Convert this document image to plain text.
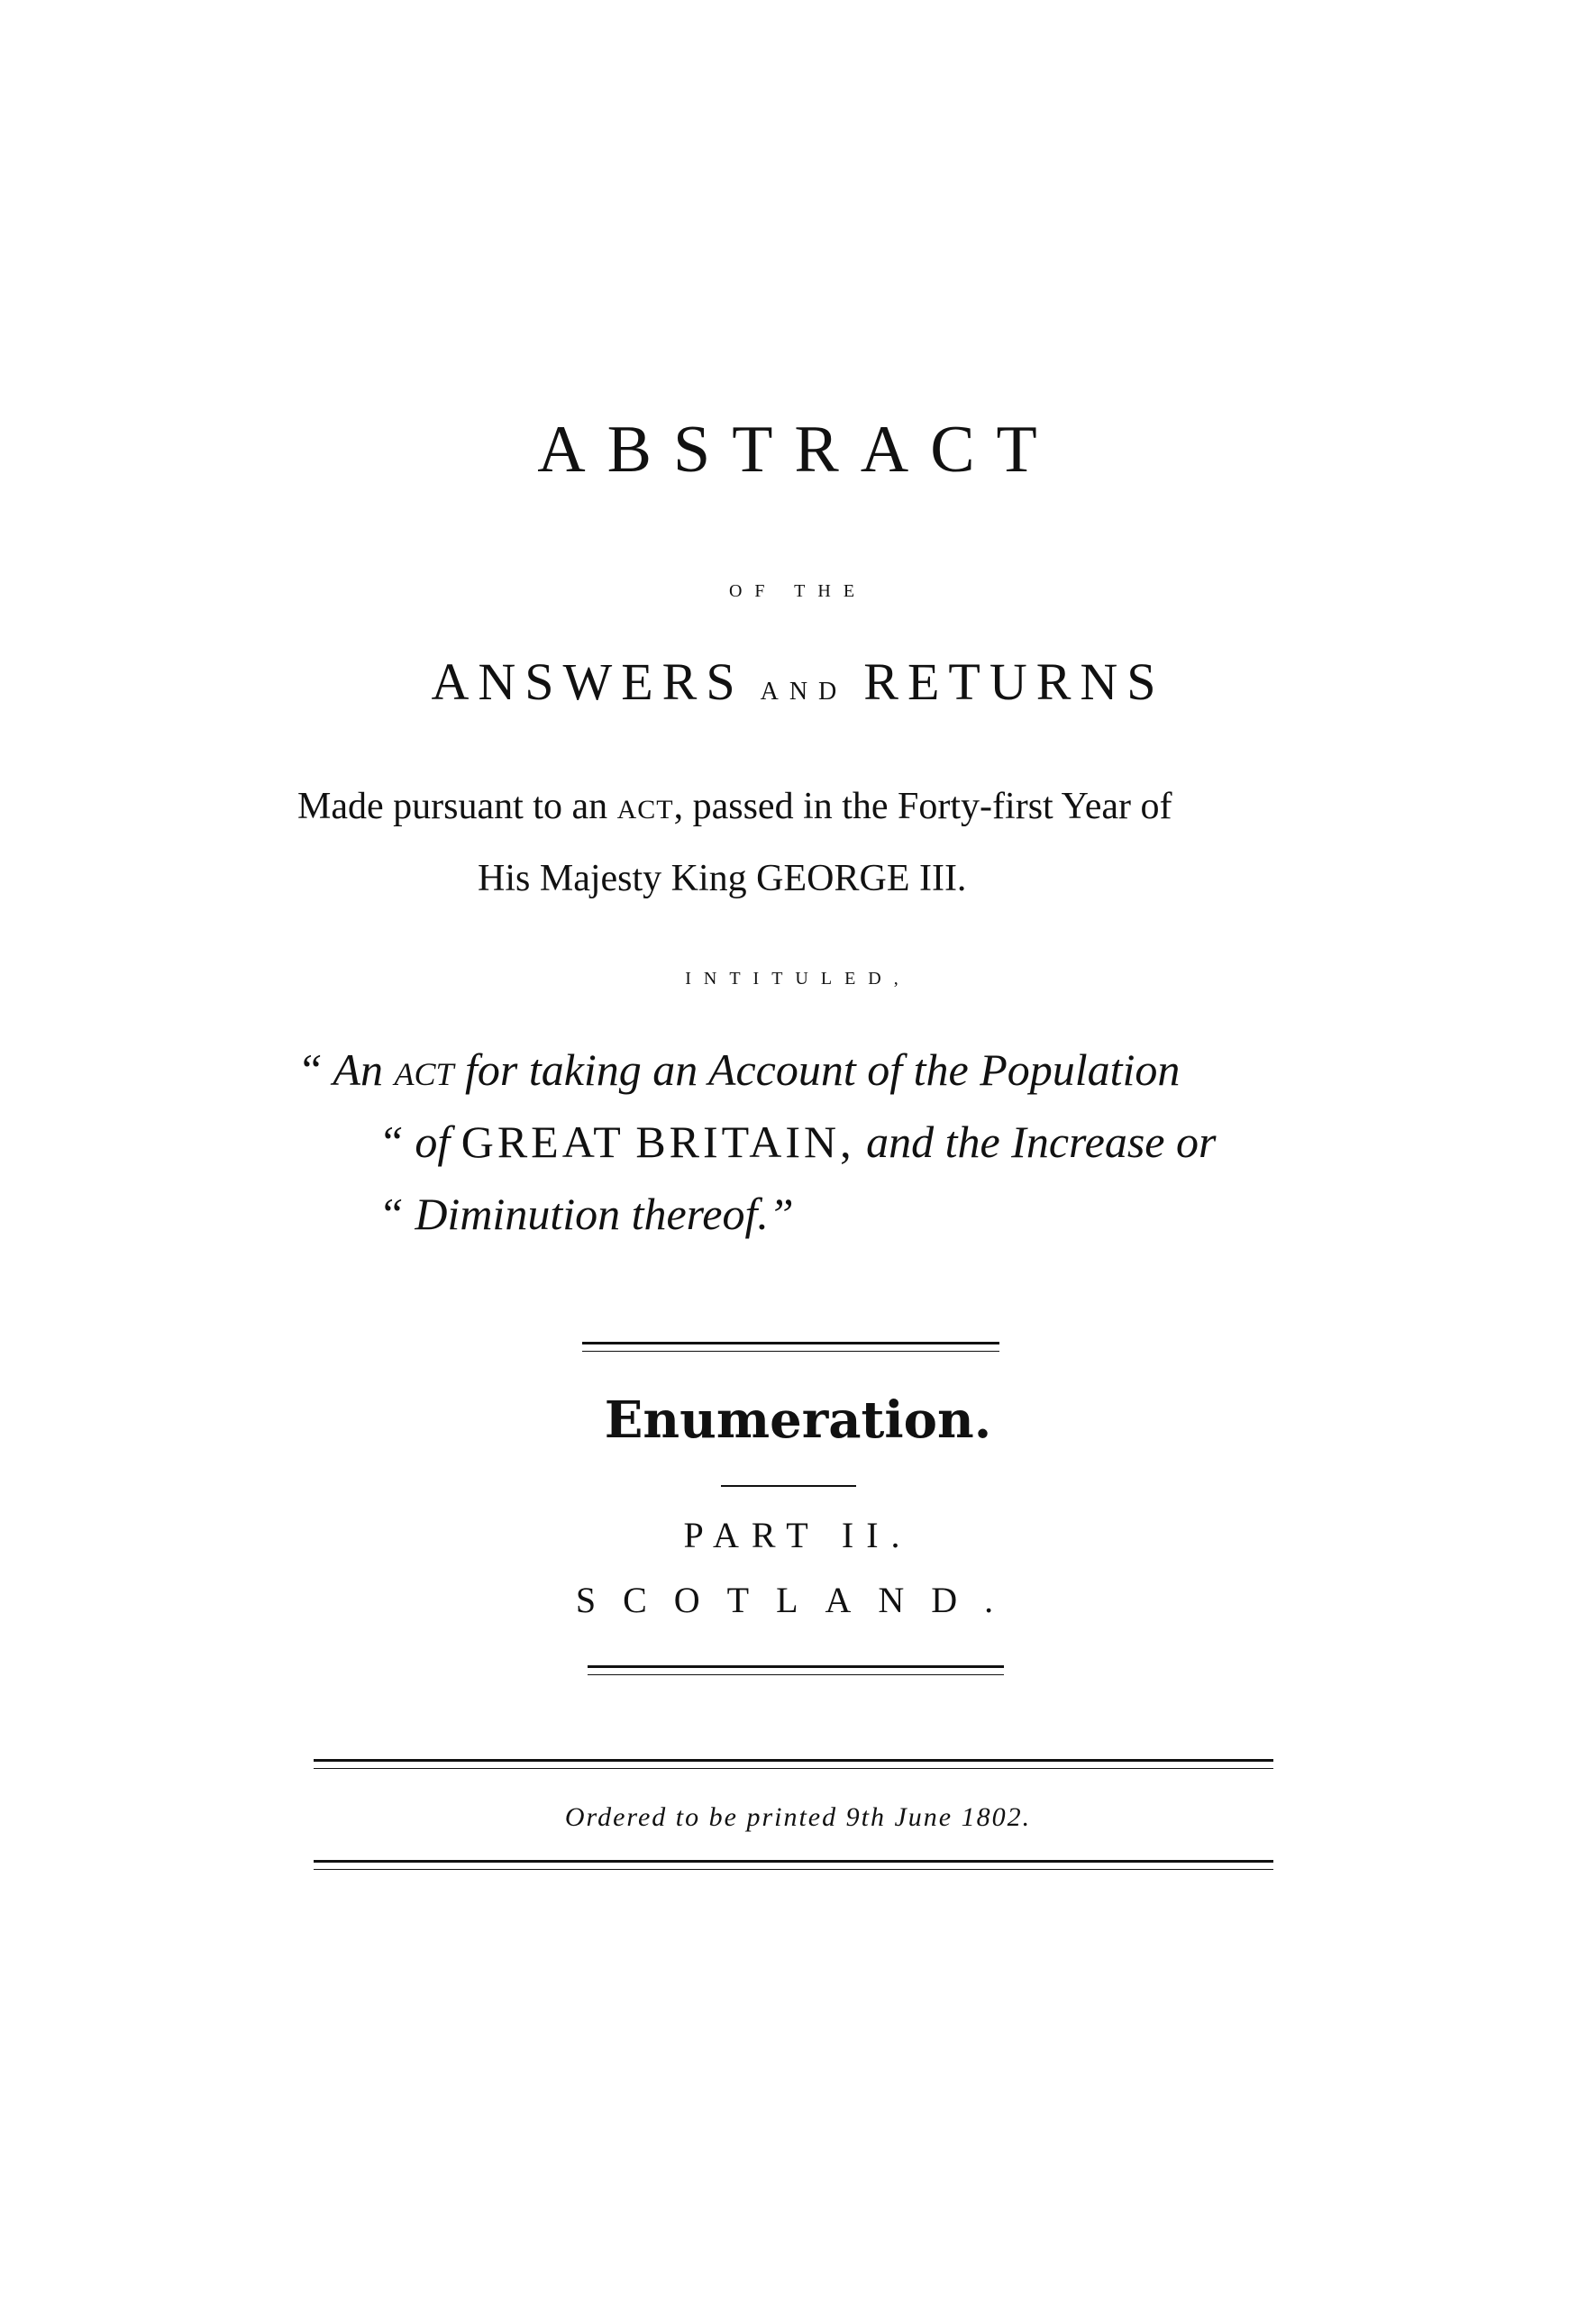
ABSTRACT
OF THE
ANSWERS AND RETURNS
Made pursuant to an ACT, passed in the Forty-first Year of
His Majesty King GEORGE III.
INTITULED,
“ An ACT for taking an Account of the Population
“ of GREAT BRITAIN, and the Increase or
“ Diminution thereof.”
Enumeration.
PART II.
SCOTLAND.
Ordered to be printed 9th June 1802.
